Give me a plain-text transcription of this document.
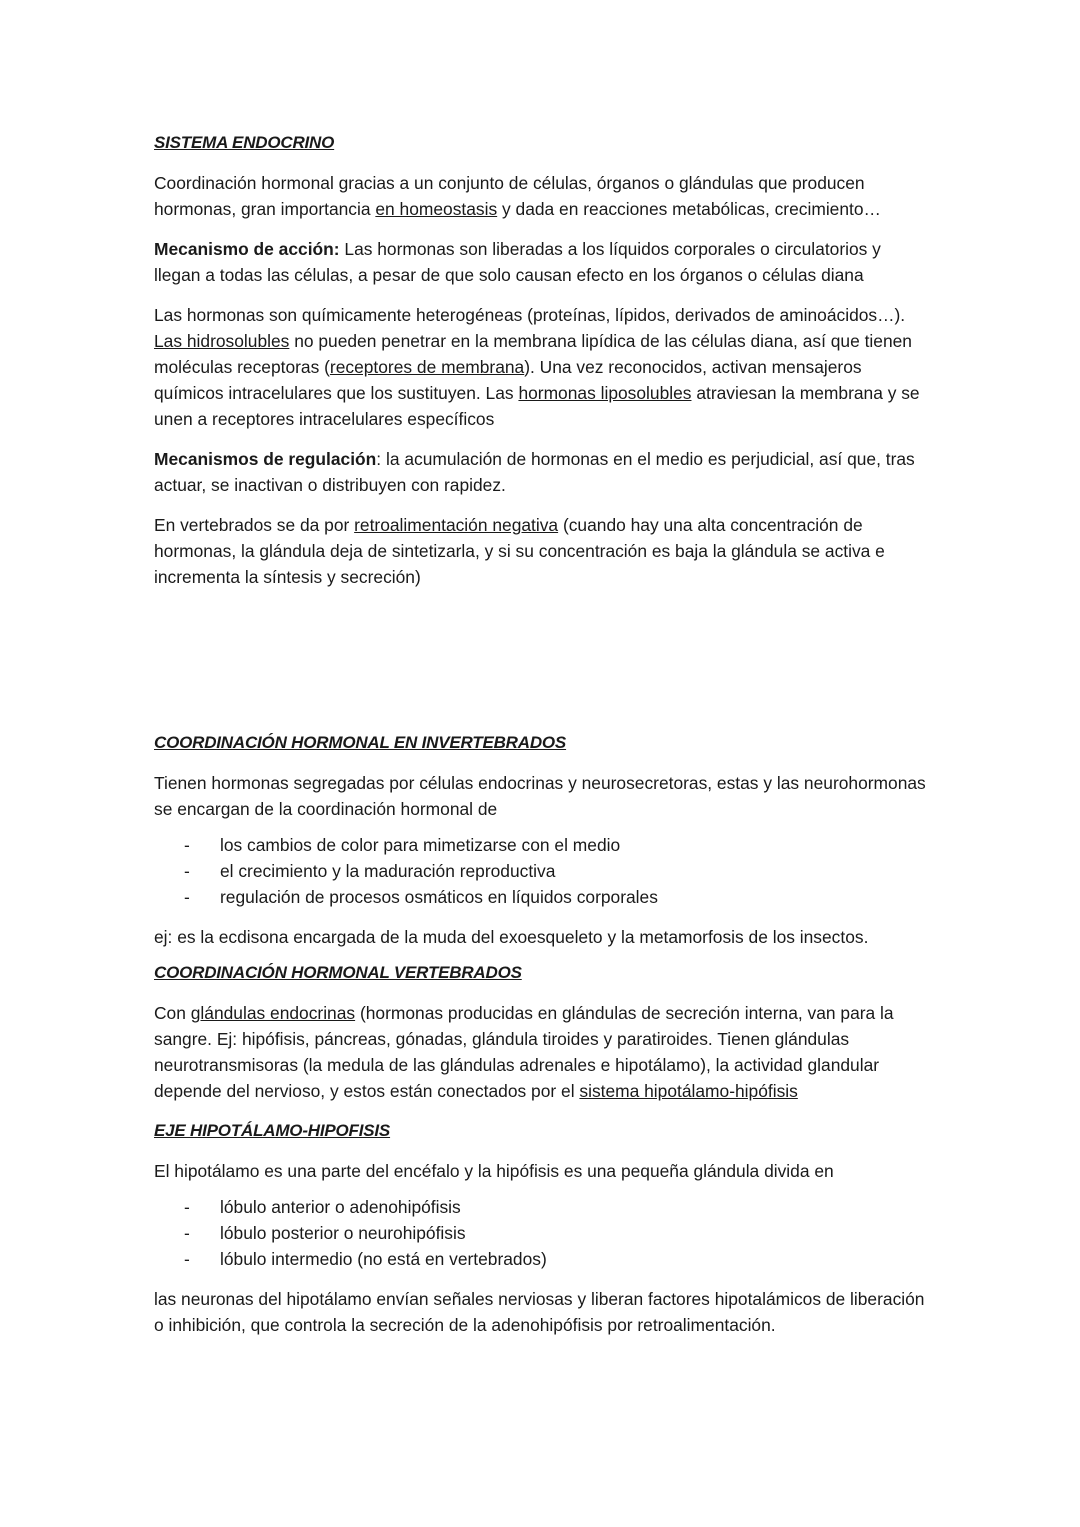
SISTEMA ENDOCRINO

Coordinación hormonal gracias a un conjunto de células, órganos o glándulas que producen hormonas, gran importancia en homeostasis y dada en reacciones metabólicas, crecimiento…

Mecanismo de acción: Las hormonas son liberadas a los líquidos corporales o circulatorios y llegan a todas las células, a pesar de que solo causan efecto en los órganos o células diana

Las hormonas son químicamente heterogéneas (proteínas, lípidos, derivados de aminoácidos…). Las hidrosolubles no pueden penetrar en la membrana lipídica de las células diana, así que tienen moléculas receptoras (receptores de membrana). Una vez reconocidos, activan mensajeros químicos intracelulares que los sustituyen. Las hormonas liposolubles atraviesan la membrana y se unen a receptores intracelulares específicos

Mecanismos de regulación: la acumulación de hormonas en el medio es perjudicial, así que, tras actuar, se inactivan o distribuyen con rapidez.

En vertebrados se da por retroalimentación negativa (cuando hay una alta concentración de hormonas, la glándula deja de sintetizarla, y si su concentración es baja la glándula se activa e incrementa la síntesis y secreción)

COORDINACIÓN HORMONAL EN INVERTEBRADOS

Tienen hormonas segregadas por células endocrinas y neurosecretoras, estas y las neurohormonas se encargan de la coordinación hormonal de

- los cambios de color para mimetizarse con el medio
- el crecimiento y la maduración reproductiva
- regulación de procesos osmáticos en líquidos corporales

ej: es la ecdisona encargada de la muda del exoesqueleto y la metamorfosis de los insectos.

COORDINACIÓN HORMONAL VERTEBRADOS

Con glándulas endocrinas (hormonas producidas en glándulas de secreción interna, van para la sangre. Ej: hipófisis, páncreas, gónadas, glándula tiroides y paratiroides. Tienen glándulas neurotransmisoras (la medula de las glándulas adrenales e hipotálamo), la actividad glandular depende del nervioso, y estos están conectados por el sistema hipotálamo-hipófisis

EJE HIPOTÁLAMO-HIPOFISIS

El hipotálamo es una parte del encéfalo y la hipófisis es una pequeña glándula divida en

- lóbulo anterior o adenohipófisis
- lóbulo posterior o neurohipófisis
- lóbulo intermedio (no está en vertebrados)

las neuronas del hipotálamo envían señales nerviosas y liberan factores hipotalámicos de liberación o inhibición, que controla la secreción de la adenohipófisis por retroalimentación.
